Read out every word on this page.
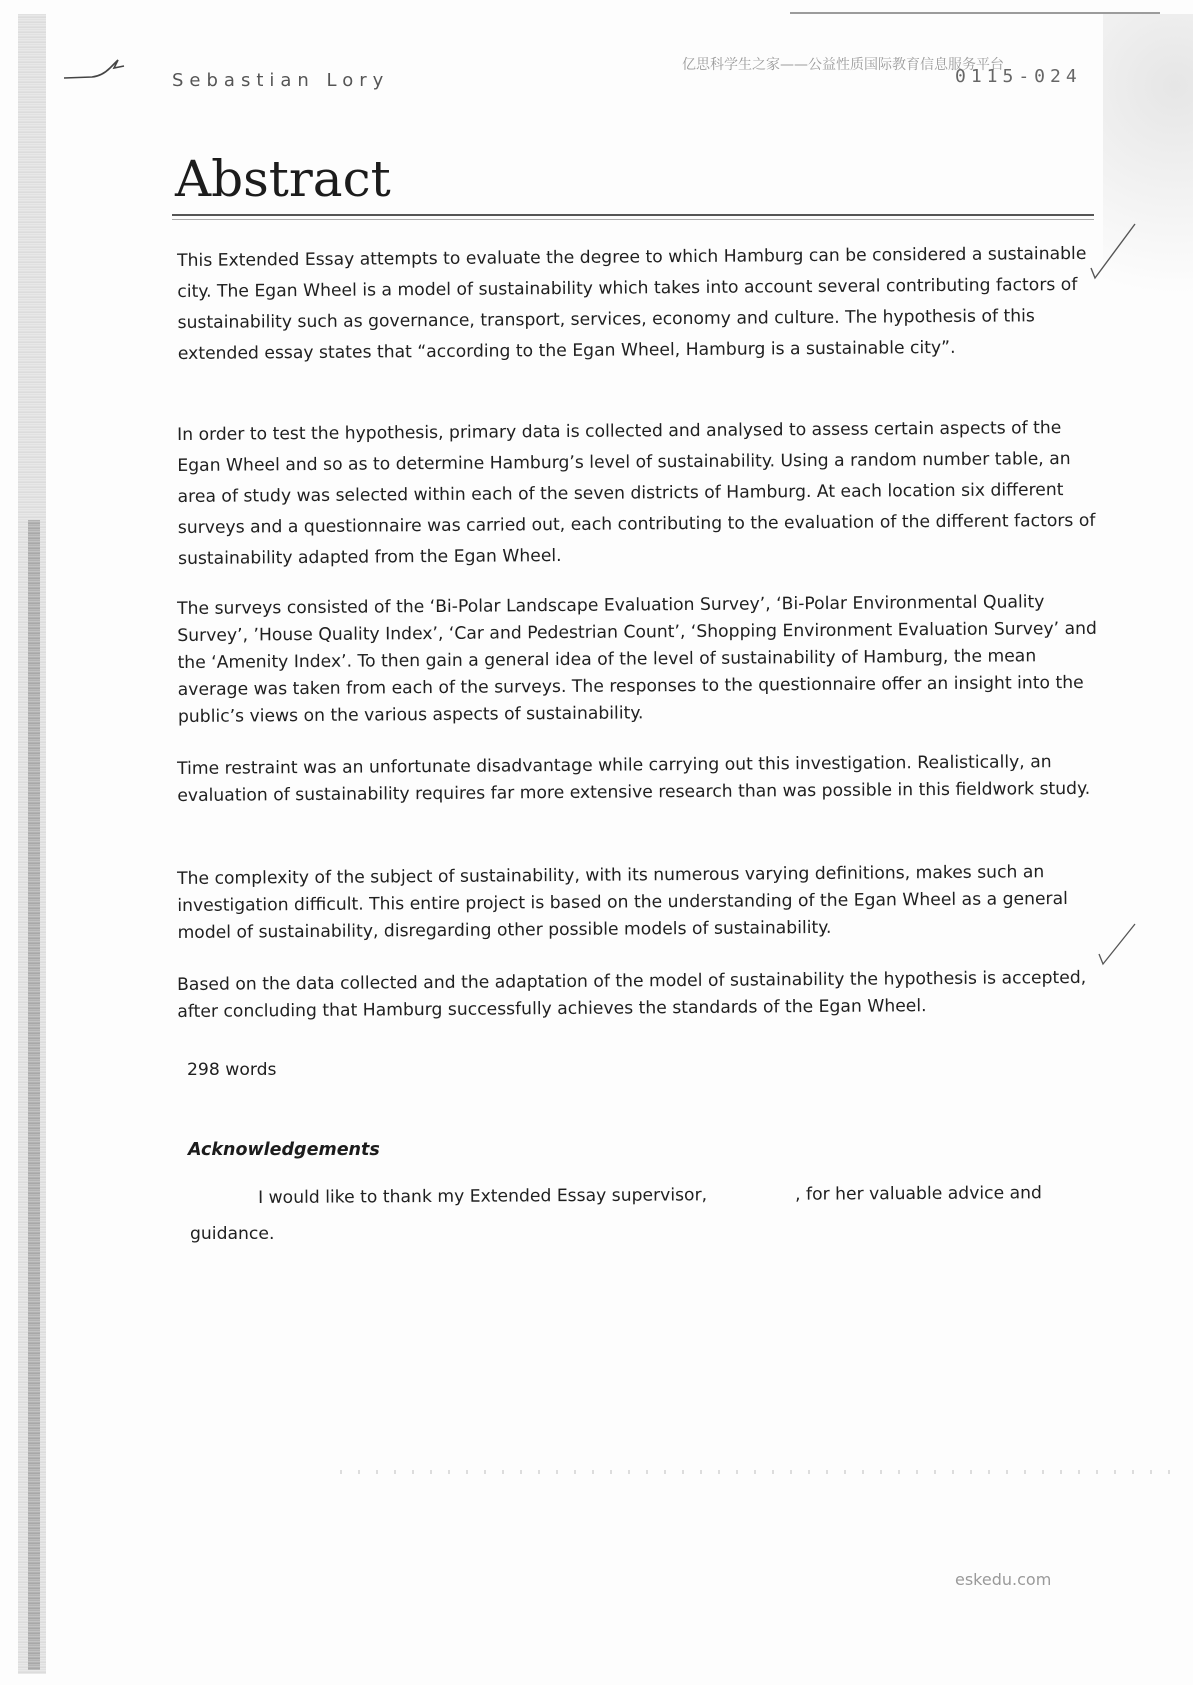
Sebastian Lory
亿思科学生之家——公益性质国际教育信息服务平台
0115-024
Abstract

This Extended Essay attempts to evaluate the degree to which Hamburg can be considered a sustainable city. The Egan Wheel is a model of sustainability which takes into account several contributing factors of sustainability such as governance, transport, services, economy and culture. The hypothesis of this extended essay states that “according to the Egan Wheel, Hamburg is a sustainable city”.

In order to test the hypothesis, primary data is collected and analysed to assess certain aspects of the Egan Wheel and so as to determine Hamburg’s level of sustainability. Using a random number table, an area of study was selected within each of the seven districts of Hamburg. At each location six different surveys and a questionnaire was carried out, each contributing to the evaluation of the different factors of sustainability adapted from the Egan Wheel.

The surveys consisted of the ‘Bi-Polar Landscape Evaluation Survey’, ‘Bi-Polar Environmental Quality Survey’, ’House Quality Index’, ‘Car and Pedestrian Count’, ‘Shopping Environment Evaluation Survey’ and the ‘Amenity Index’. To then gain a general idea of the level of sustainability of Hamburg, the mean average was taken from each of the surveys. The responses to the questionnaire offer an insight into the public’s views on the various aspects of sustainability.

Time restraint was an unfortunate disadvantage while carrying out this investigation. Realistically, an evaluation of sustainability requires far more extensive research than was possible in this fieldwork study.

The complexity of the subject of sustainability, with its numerous varying definitions, makes such an investigation difficult. This entire project is based on the understanding of the Egan Wheel as a general model of sustainability, disregarding other possible models of sustainability.

Based on the data collected and the adaptation of the model of sustainability the hypothesis is accepted, after concluding that Hamburg successfully achieves the standards of the Egan Wheel.

298 words
Acknowledgements
I would like to thank my Extended Essay supervisor,	, for her valuable advice and
guidance.
eskedu.com
